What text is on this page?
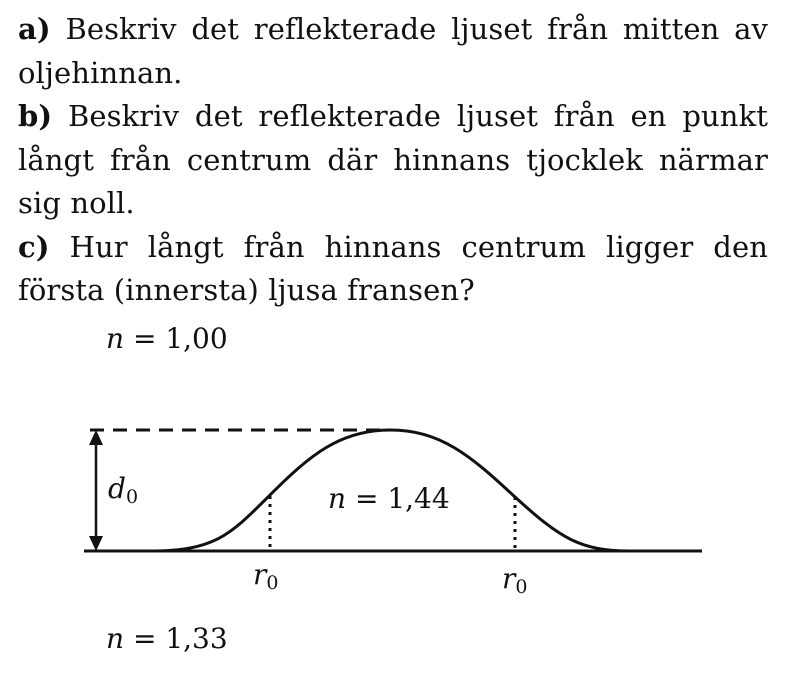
a) Beskriv det reflekterade ljuset från mitten av oljehinnan.

b) Beskriv det reflekterade ljuset från en punkt långt från centrum där hinnans tjocklek närmar sig noll.

c) Hur långt från hinnans centrum ligger den första (innersta) ljusa fransen?

n = 1,00
d0	n = 1,44
r0	r0
n = 1,33
